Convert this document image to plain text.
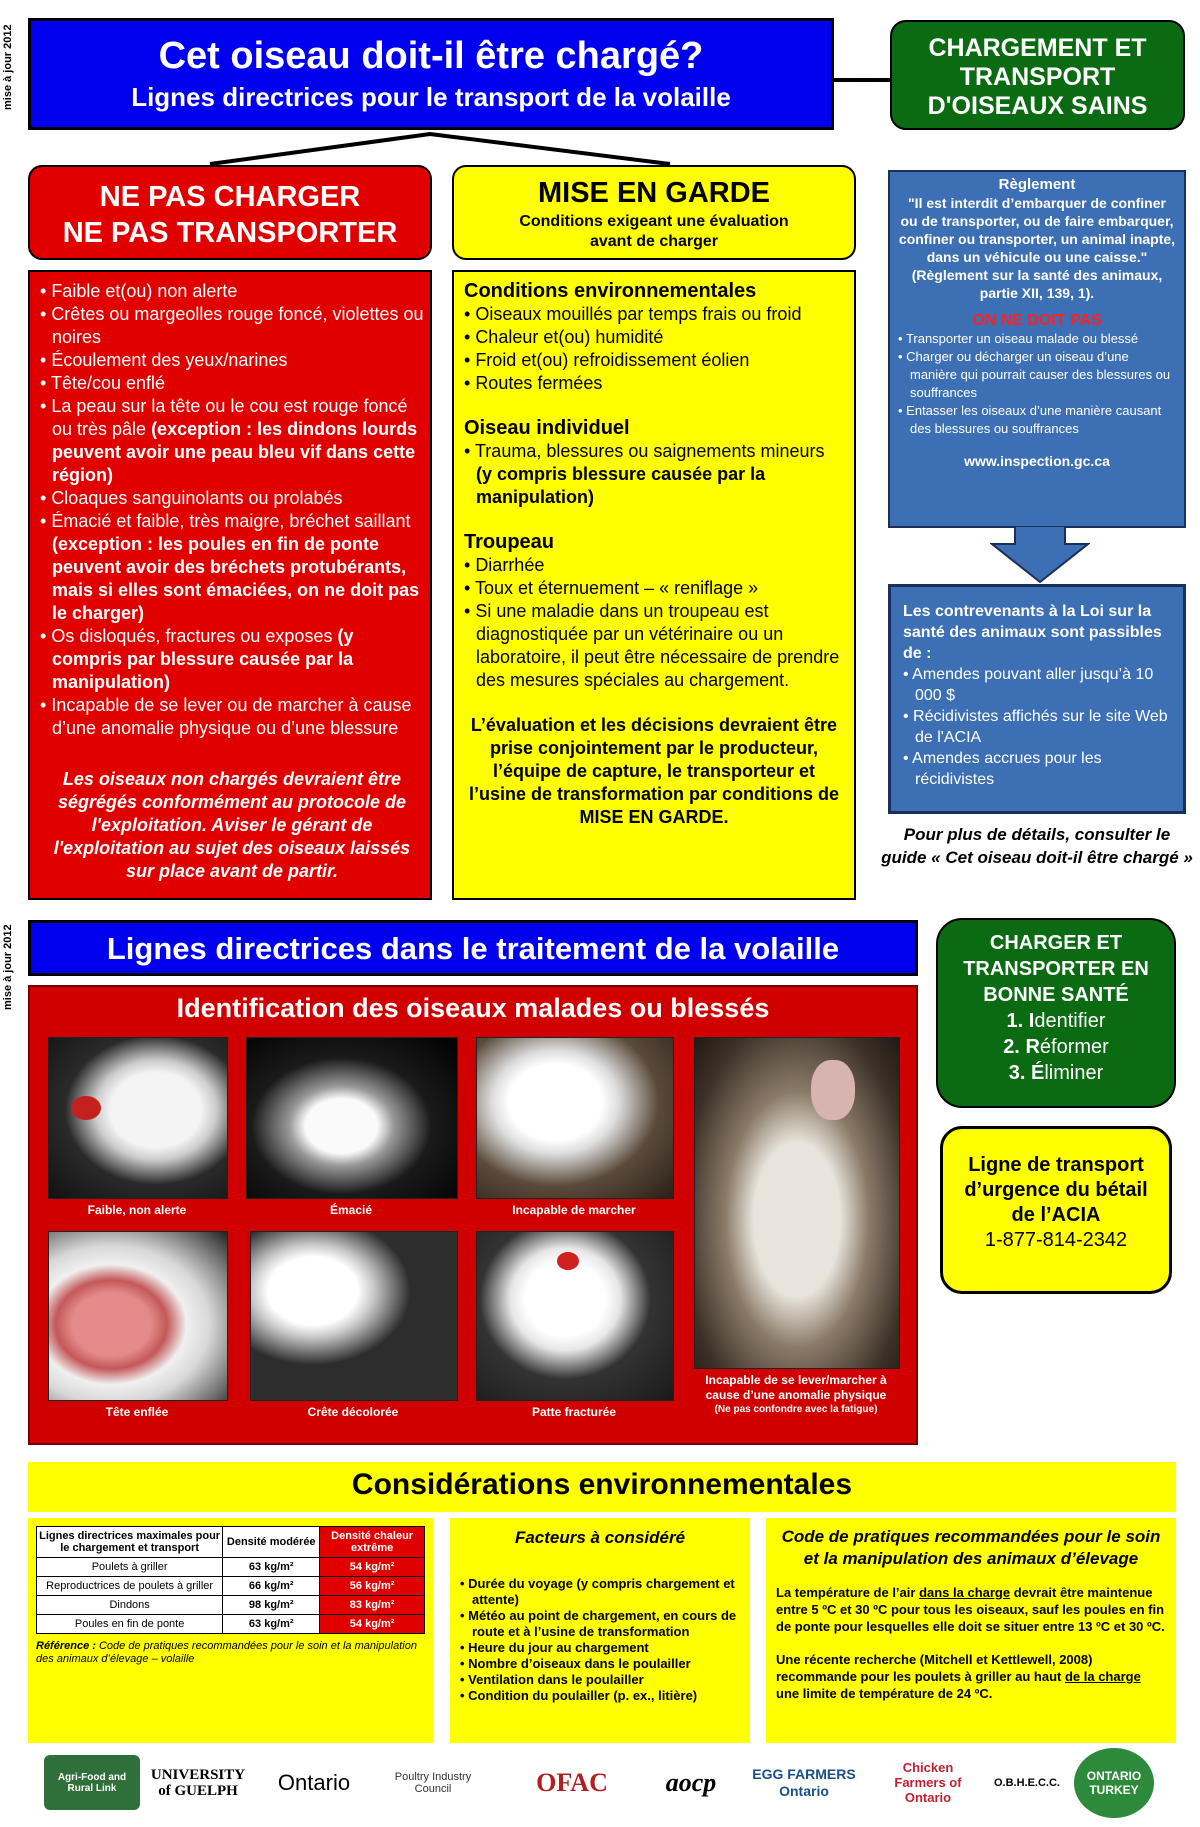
mise à jour 2012
mise à jour 2012
Cet oiseau doit-il être chargé?
Lignes directrices pour le transport de la volaille
CHARGEMENT ET TRANSPORT D'OISEAUX SAINS
NE PAS CHARGER
NE PAS TRANSPORTER
• Faible et(ou) non alerte
• Crêtes ou margeolles rouge foncé, violettes ou noires
• Écoulement des yeux/narines
• Tête/cou enflé
• La peau sur la tête ou le cou est rouge foncé ou très pâle (exception : les dindons lourds peuvent avoir une peau bleu vif dans cette région)
• Cloaques sanguinolants ou prolabés
• Émacié et faible, très maigre, bréchet saillant (exception : les poules en fin de ponte peuvent avoir des bréchets protubérants, mais si elles sont émaciées, on ne doit pas le charger)
• Os disloqués, fractures ou exposes (y compris par blessure causée par la manipulation)
• Incapable de se lever ou de marcher à cause d’une anomalie physique ou d’une blessure
Les oiseaux non chargés devraient être ségrégés conformément au protocole de l'exploitation. Aviser le gérant de l'exploitation au sujet des oiseaux laissés sur place avant de partir.
MISE EN GARDE
Conditions exigeant une évaluation avant de charger
Conditions environnementales
• Oiseaux mouillés par temps frais ou froid
• Chaleur et(ou) humidité
• Froid et(ou) refroidissement éolien
• Routes fermées
Oiseau individuel
• Trauma, blessures ou saignements mineurs (y compris blessure causée par la manipulation)
Troupeau
• Diarrhée
• Toux et éternuement – « reniflage »
• Si une maladie dans un troupeau est diagnostiquée par un vétérinaire ou un laboratoire, il peut être nécessaire de prendre des mesures spéciales au chargement.
L’évaluation et les décisions devraient être prise conjointement par le producteur, l’équipe de capture, le transporteur et l’usine de transformation par conditions de MISE EN GARDE.
Règlement
"Il est interdit d’embarquer de confiner ou de transporter, ou de faire embarquer, confiner ou transporter, un animal inapte, dans un véhicule ou une caisse." (Règlement sur la santé des animaux, partie XII, 139, 1).
ON NE DOIT PAS
• Transporter un oiseau malade ou blessé
• Charger ou décharger un oiseau d’une manière qui pourrait causer des blessures ou souffrances
• Entasser les oiseaux d’une manière causant des blessures ou souffrances
www.inspection.gc.ca
Les contrevenants à la Loi sur la santé des animaux sont passibles de :
• Amendes pouvant aller jusqu’à 10 000 $
• Récidivistes affichés sur le site Web de l'ACIA
• Amendes accrues pour les récidivistes
Pour plus de détails, consulter le guide « Cet oiseau doit-il être chargé »
Lignes directrices dans le traitement de la volaille
Identification des oiseaux malades ou blessés
Faible, non alerte	Émacié	Incapable de marcher
Incapable de se lever/marcher à cause d’une anomalie physique
(Ne pas confondre avec la fatigue)
Tête enflée	Crête décolorée	Patte fracturée
CHARGER ET TRANSPORTER EN BONNE SANTÉ
1. Identifier
2. Réformer
3. Éliminer
Ligne de transport d’urgence du bétail de l’ACIA
1-877-814-2342
Considérations environnementales
Lignes directrices maximales pour le chargement et transport	Densité modérée	Densité chaleur extrême
Poulets à griller	63 kg/m²	54 kg/m²
Reproductrices de poulets à griller	66 kg/m²	56 kg/m²
Dindons	98 kg/m²	83 kg/m²
Poules en fin de ponte	63 kg/m²	54 kg/m²
Référence : Code de pratiques recommandées pour le soin et la manipulation des animaux d’élevage – volaille
Facteurs à considéré
• Durée du voyage (y compris chargement et attente)
• Météo au point de chargement, en cours de route et à l’usine de transformation
• Heure du jour au chargement
• Nombre d’oiseaux dans le poulailler
• Ventilation dans le poulailler
• Condition du poulailler (p. ex., litière)
Code de pratiques recommandées pour le soin et la manipulation des animaux d’élevage
La température de l’air dans la charge devrait être maintenue entre 5 ºC et 30 ºC pour tous les oiseaux, sauf les poules en fin de ponte pour lesquelles elle doit se situer entre 13 ºC et 30 ºC.
Une récente recherche (Mitchell et Kettlewell, 2008) recommande pour les poulets à griller au haut de la charge une limite de température de 24 ºC.
Agri-Food and Rural Link
UNIVERSITY of GUELPH	Ontario	Poultry Industry Council	OFAC	aocp	EGG FARMERS Ontario
Chicken Farmers of Ontario
O.B.H.E.C.C.	ONTARIO TURKEY
